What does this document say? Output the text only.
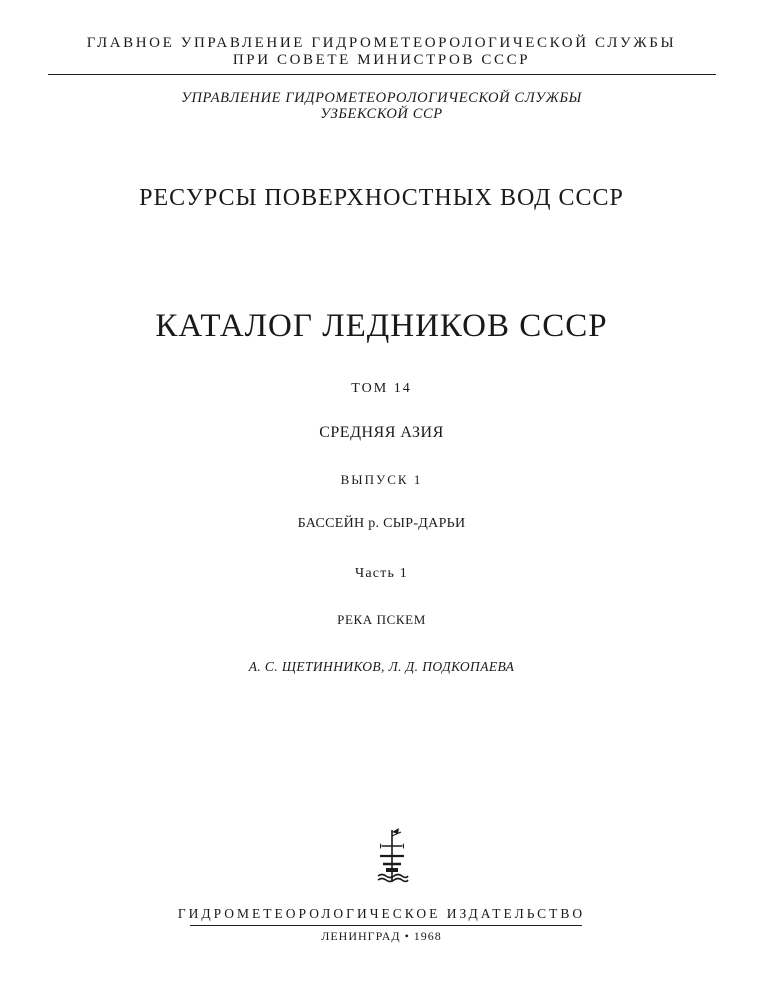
ГЛАВНОЕ УПРАВЛЕНИЕ ГИДРОМЕТЕОРОЛОГИЧЕСКОЙ СЛУЖБЫ
ПРИ СОВЕТЕ МИНИСТРОВ СССР
УПРАВЛЕНИЕ ГИДРОМЕТЕОРОЛОГИЧЕСКОЙ СЛУЖБЫ
УЗБЕКСКОЙ ССР
РЕСУРСЫ ПОВЕРХНОСТНЫХ ВОД СССР
КАТАЛОГ ЛЕДНИКОВ СССР
ТОМ 14
СРЕДНЯЯ АЗИЯ
ВЫПУСК 1
БАССЕЙН р. СЫР-ДАРЬИ
Часть 1
РЕКА ПСКЕМ
А. С. ЩЕТИННИКОВ, Л. Д. ПОДКОПАЕВА
ГИДРОМЕТЕОРОЛОГИЧЕСКОЕ ИЗДАТЕЛЬСТВО
ЛЕНИНГРАД • 1968
